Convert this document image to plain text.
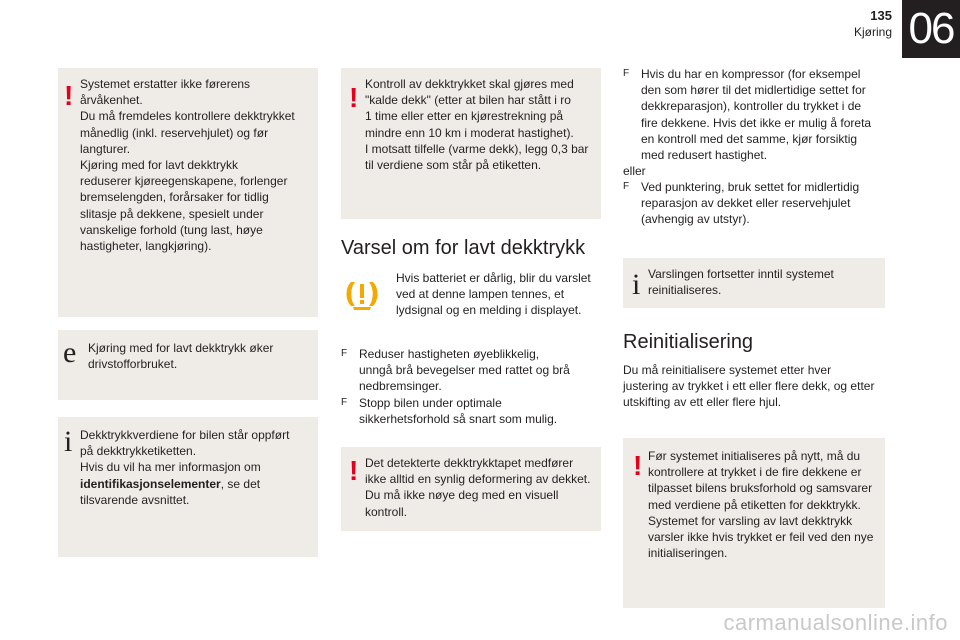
135
Kjøring 06
! Systemet erstatter ikke førerens
årvåkenhet.
Du må fremdeles kontrollere dekktrykket
månedlig (inkl. reservehjulet) og før
langturer.
Kjøring med for lavt dekktrykk
reduserer kjøreegenskapene, forlenger
bremselengden, forårsaker for tidlig
slitasje på dekkene, spesielt under
vanskelige forhold (tung last, høye
hastigheter, langkjøring).
e Kjøring med for lavt dekktrykk øker
drivstofforbruket.
i Dekktrykkverdiene for bilen står oppført
på dekktrykketiketten.
Hvis du vil ha mer informasjon om
identifikasjonselementer, se det
tilsvarende avsnittet.
! Kontroll av dekktrykket skal gjøres med
"kalde dekk" (etter at bilen har stått i ro
1 time eller etter en kjørestrekning på
mindre enn 10 km i moderat hastighet).
I motsatt tilfelle (varme dekk), legg 0,3 bar
til verdiene som står på etiketten.
Varsel om for lavt dekktrykk
Hvis batteriet er dårlig, blir du varslet
ved at denne lampen tennes, et
lydsignal og en melding i displayet.
F Reduser hastigheten øyeblikkelig,
unngå brå bevegelser med rattet og brå
nedbremsinger.
F Stopp bilen under optimale
sikkerhetsforhold så snart som mulig.
! Det detekterte dekktrykktapet medfører
ikke alltid en synlig deformering av dekket.
Du må ikke nøye deg med en visuell
kontroll.
F Hvis du har en kompressor (for eksempel
den som hører til det midlertidige settet for
dekkreparasjon), kontroller du trykket i de
fire dekkene. Hvis det ikke er mulig å foreta
en kontroll med det samme, kjør forsiktig
med redusert hastighet.
eller
F Ved punktering, bruk settet for midlertidig
reparasjon av dekket eller reservehjulet
(avhengig av utstyr).
i Varslingen fortsetter inntil systemet
reinitialiseres.
Reinitialisering
Du må reinitialisere systemet etter hver
justering av trykket i ett eller flere dekk, og etter
utskifting av ett eller flere hjul.
! Før systemet initialiseres på nytt, må du
kontrollere at trykket i de fire dekkene er
tilpasset bilens bruksforhold og samsvarer
med verdiene på etiketten for dekktrykk.
Systemet for varsling av lavt dekktrykk
varsler ikke hvis trykket er feil ved den nye
initialiseringen.
carmanualsonline.info
